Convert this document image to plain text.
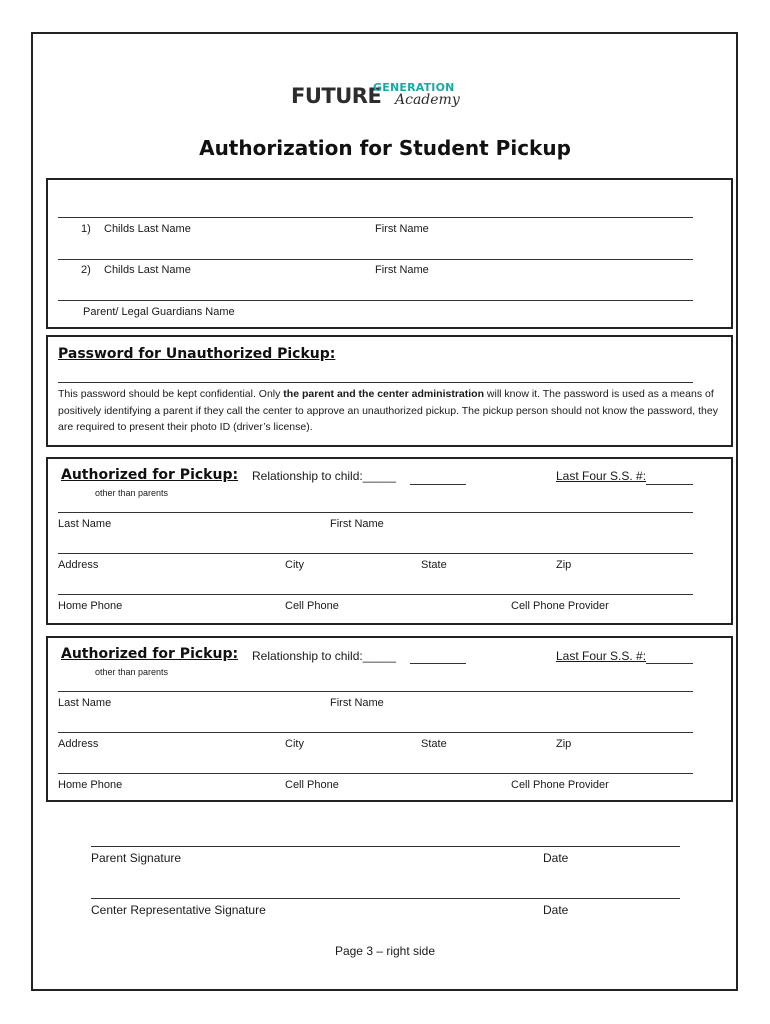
FUTURE
GENERATION
Academy
Authorization for Student Pickup
1) Childs Last Name	First Name
2) Childs Last Name	First Name
Parent/ Legal Guardians Name
Password for Unauthorized Pickup:
This password should be kept confidential. Only the parent and the center administration will know it. The password is used as a means of positively identifying a parent if they call the center to approve an unauthorized pickup. The pickup person should not know the password, they are required to present their photo ID (driver’s license).
Authorized for Pickup:
other than parents
Relationship to child:_____	Last Four S.S. #:
Last Name	First Name
Address	City	State	Zip
Home Phone	Cell Phone	Cell Phone Provider
Authorized for Pickup:
other than parents
Relationship to child:_____	Last Four S.S. #:
Last Name	First Name
Address	City	State	Zip
Home Phone	Cell Phone	Cell Phone Provider
Parent Signature	Date
Center Representative Signature	Date
Page 3 – right side
